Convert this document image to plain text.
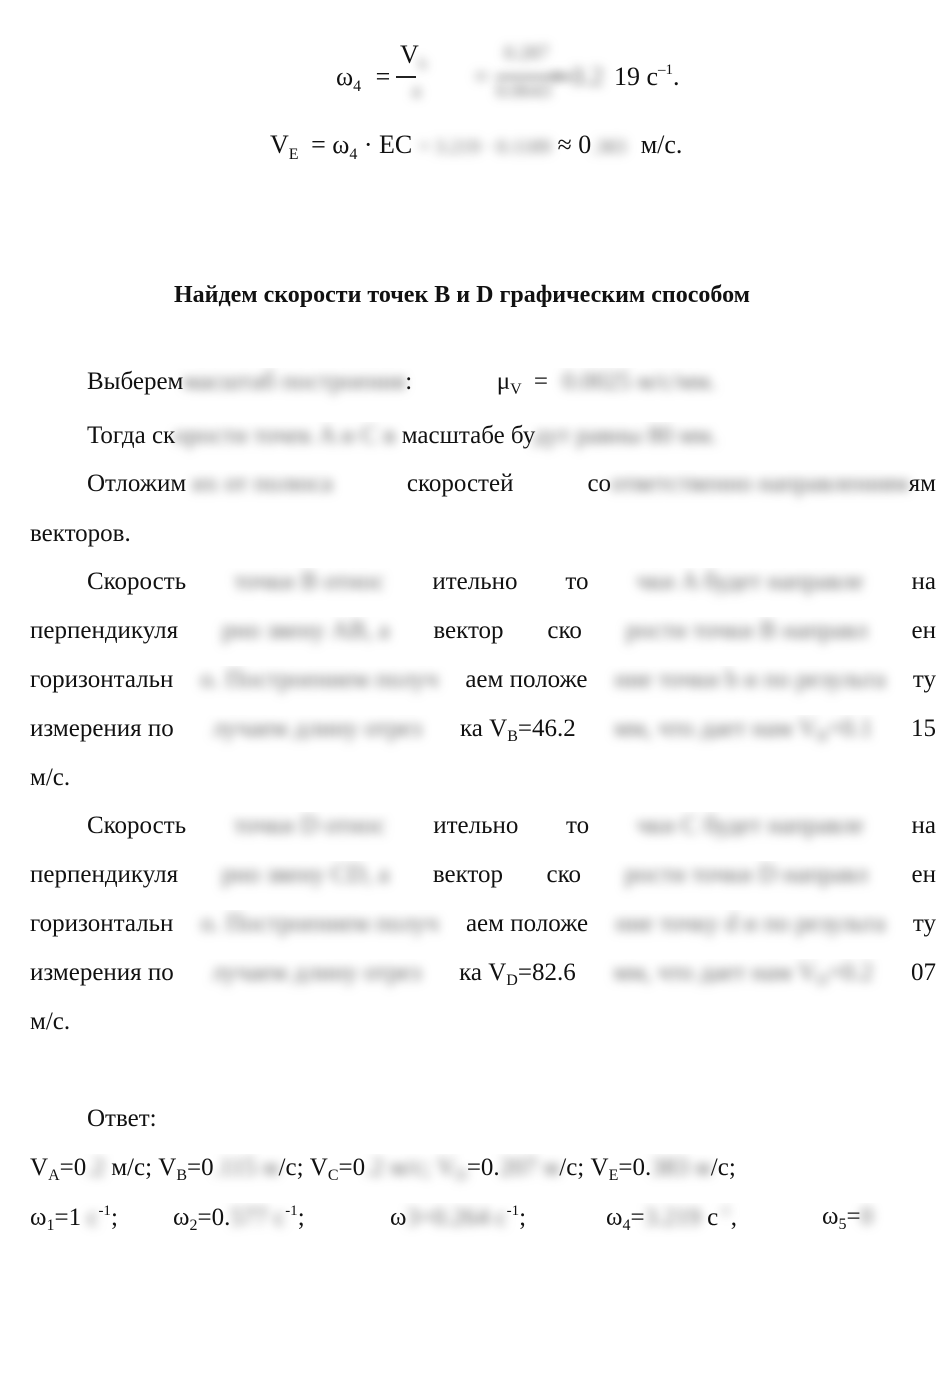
$\omega_4$ =
$V_b$
a =
0.287
0.0643 = 3.2 19 $c^{-1}$.
$V_E = \omega_4$ · EC = 3.219 · 0.1189 ≈ 0.383 м/с.
Найдем скорости точек B и D графическим способом
Выбереммасштаб построения:	$\mu_V = 0.0025$ м/с/мм.
Тогда скорости точек A и C в масштабе будут равны 80 мм.
Отложим их от полюса	скоростей	соответственно направлениямям
векторов.
Скорость точки B относ ительно то чки A будет направле на
перпендикуля рно звену AB, а вектор ско рости точки B направл ен
горизонтальн о. Построением получ аем положе ние точки b и по результа ту
измерения по лучаем длину отрез ка $V_B=46.2$ мм, что дает нам $V_B=0.1$ 15
м/с.
Скорость точки D относ ительно то чки C будет направле на
перпендикуля рно звену CD, а вектор ско рости точки D направл ен
горизонтальн о. Построением получ аем положе ние точку d и по результа ту
измерения по лучаем длину отрез ка $V_D=82.6$ мм, что дает нам $V_D=0.2$ 07
м/с.
Ответ:
$V_A=0.2$ м/с; $V_B=0.115$ м/с; $V_C=0.2$ м/с; $V_D=0.207$ м/с; $V_E=0.383$ м/с;
$\omega_1=1$ $с^{-1}$; $\omega_2=0.577$ $с^{-1}$;	ω3=0.264 $с^{-1}$;	$\omega_4=3.219$ $с^{-1}$,	$\omega_5=0$
